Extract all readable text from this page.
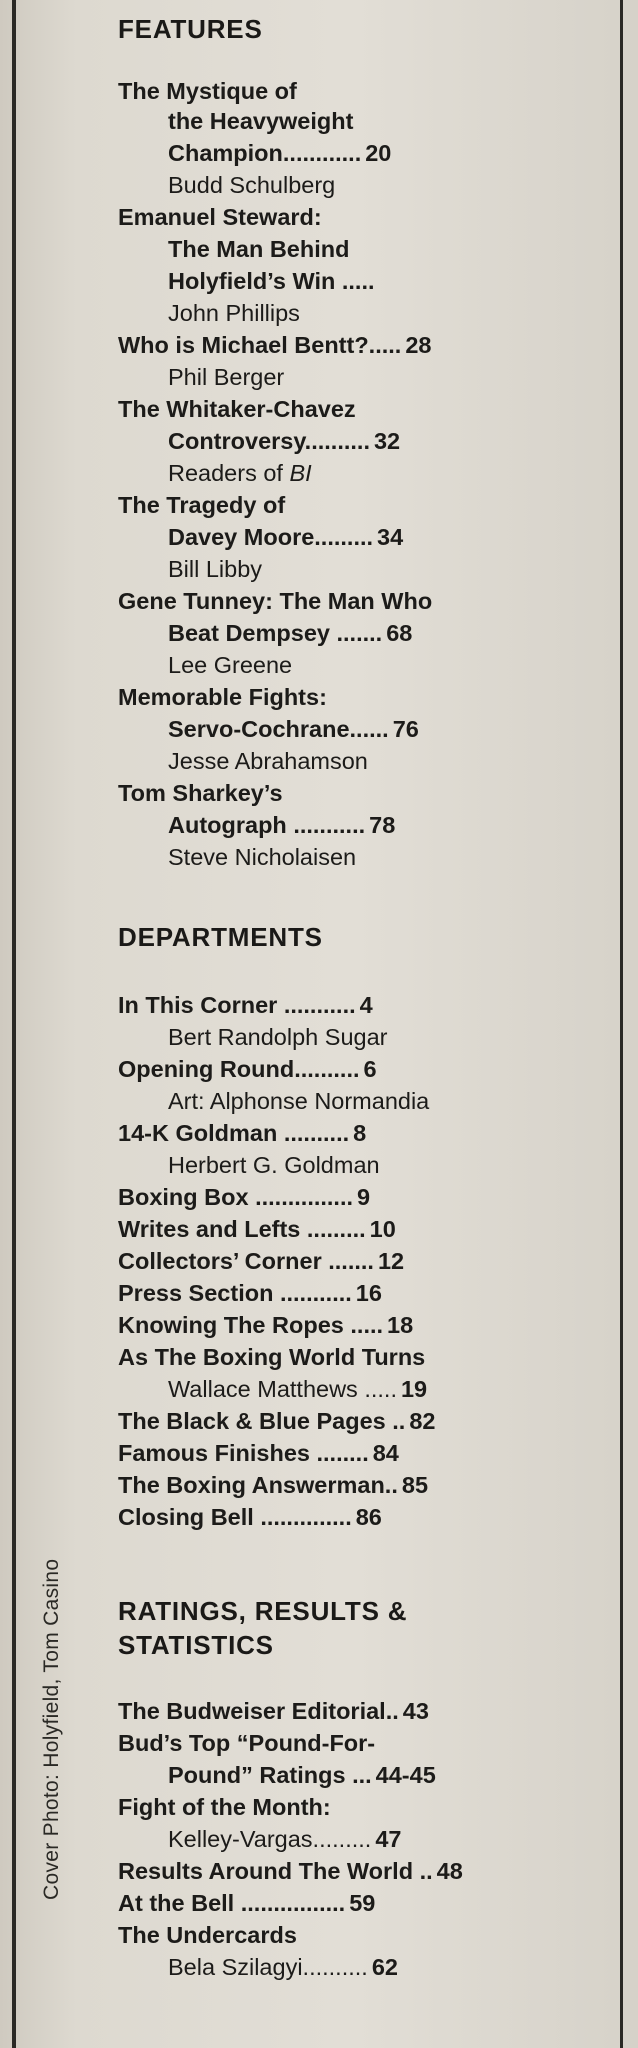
Cover Photo: Holyfield, Tom Casino
FEATURES
The Mystique of
the Heavyweight
Champion............ 20
Budd Schulberg
Emanuel Steward:
The Man Behind
Holyfield’s Win .....
John Phillips
Who is Michael Bentt?..... 28
Phil Berger
The Whitaker-Chavez
Controversy.......... 32
Readers of BI
The Tragedy of
Davey Moore......... 34
Bill Libby
Gene Tunney: The Man Who
Beat Dempsey ....... 68
Lee Greene
Memorable Fights:
Servo-Cochrane...... 76
Jesse Abrahamson
Tom Sharkey’s
Autograph ........... 78
Steve Nicholaisen
DEPARTMENTS
In This Corner ........... 4
Bert Randolph Sugar
Opening Round.......... 6
Art: Alphonse Normandia
14-K Goldman .......... 8
Herbert G. Goldman
Boxing Box ............... 9
Writes and Lefts ......... 10
Collectors’ Corner ....... 12
Press Section ........... 16
Knowing The Ropes ..... 18
As The Boxing World Turns
Wallace Matthews ..... 19
The Black & Blue Pages .. 82
Famous Finishes ........ 84
The Boxing Answerman.. 85
Closing Bell .............. 86
RATINGS, RESULTS &
STATISTICS
The Budweiser Editorial.. 43
Bud’s Top “Pound-For-
Pound” Ratings ... 44-45
Fight of the Month:
Kelley-Vargas......... 47
Results Around The World .. 48
At the Bell ................ 59
The Undercards
Bela Szilagyi.......... 62
